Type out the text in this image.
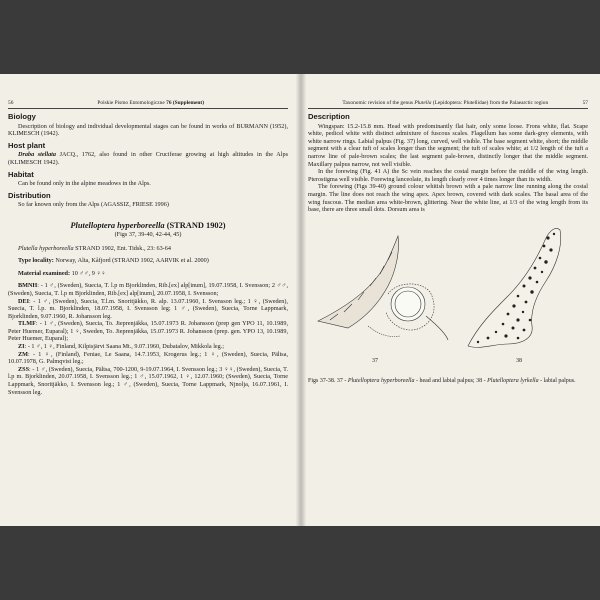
56	Polskie Pismo Entomologiczne 76 (Supplement)
Biology

Description of biology and individual developmental stages can be found in works of BURMANN (1952), KLIMESCH (1942).

Host plant

Draba stellata JACQ., 1762, also found in other Cruciferae growing at high altitudes in the Alps (KLIMESCH 1942).

Habitat

Can be found only in the alpine meadows in the Alps.

Distribution

So far known only from the Alps (AGASSIZ, FRIESE 1996)

Plutelloptera hyperboreella (STRAND 1902)
(Figs 37, 39-40, 42-44, 45)

Plutella hyperboreella STRAND 1902, Ent. Tidsk., 23: 63-64

Type locality: Norway, Alta, Kåfjord (STRAND 1902, AARVIK et al. 2000)

Material examined: 10 ♂♂, 9 ♀♀

BMNH: - 1 ♂, (Sweden), Suecia, T. l.p m Bjorklinden, Rib.[ex] alp[inum], 19.07.1958, I. Svensson; 2 ♂♂, (Sweden), Suecia, T. l.p m Bjorklinden, Rib.[ex] alp[inum], 20.07.1958, I. Svensson;

DEI: - 1 ♂, (Sweden), Suecia, T.l.m. Snoritjäkko, R. alp. 13.07.1960, I. Svensson leg.; 1 ♀, (Sweden), Suecia, T. l.p. m. Bjorklinden, 18.07.1958, I. Svensson leg; 1 ♂, (Sweden), Suecia, Torne Lappmark, Bjorklinden, 9.07.1960, R. Johansson leg.

TLMF: - 1 ♂, (Sweden), Suecia, To. Jieprenjäkka, 15.07.1973 R. Johansson (prep gen YPO 11, 10.1989, Peter Huemer, Euparal); 1 ♀, Sweden, To. Jieprenjäkka, 15.07.1973 R. Johansson (prep. gen. YPO 13, 10.1989, Peter Huemer, Euparal);

ZI: - 1 ♂, 1 ♀, Finland, Kilpisjärvi Saana Mt., 9.07.1960, Dubatalov, Mikkola leg.;

ZM: - 1 ♀, (Finland), Feniae, Le Saana, 14.7.1953, Krogerus leg.; 1 ♀, (Sweden), Suecia, Pältsa, 10.07.1978, G. Palmqvist leg.;

ZSS: - 1 ♂, (Sweden), Suecia, Pältsa, 700-1200, 9-19.07.1964, I. Svensson leg.; 3 ♀♀, (Sweden), Suecia, T. l.p m. Bjorklinden, 20.07.1958, I. Svensson leg.; 1 ♂, 15.07.1962, 1 ♀, 12.07.1960; (Sweden), Suecia, Torne Lappmark, Snoritjäkko, I. Svensson leg.; 1 ♂, (Sweden), Suecia, Torne Lappmark, Njnolja, 16.07.1961, I. Svensson leg.

Taxonomic revision of the genus Plutella (Lepidoptera: Plutellidae) from the Palaearctic region	57
Description

Wingspan: 15.2-15.8 mm. Head with predominantly flat hair, only some loose. Frons white, flat. Scape white, pedicel white with distinct admixture of fuscous scales. Flagellum has some dark-grey elements, with white narrow rings. Labial palpus (Fig. 37) long, curved, well visible. The base segment white, short; the middle segment with a clear tuft of scales longer than the segment; the tuft of scales white; at 1/2 length of the tuft a narrow line of pale-brown scales; the last segment pale-brown, distinctly longer that the middle segment. Maxillary palpus narrow, not well visible.

In the forewing (Fig. 41 A) the Sc vein reaches the costal margin before the middle of the wing length. Pterostigma well visible. Forewing lanceolate, its length clearly over 4 times longer than its width.

The forewing (Figs 39-40) ground colour whitish brown with a pale narrow line running along the costal margin. The line does not reach the wing apex. Apex brown, covered with dark scales. The basal area of the wing fuscous. The median area white-brown, glittering. Near the white line, at 1/3 of the wing length from its base, there are three small dots. Dorsum area is

37	38

Figs 37-38. 37 - Plutelloptera hyperboreella - head and labial palpus; 38 - Plutelloptera lyrkella - labial palpus.
